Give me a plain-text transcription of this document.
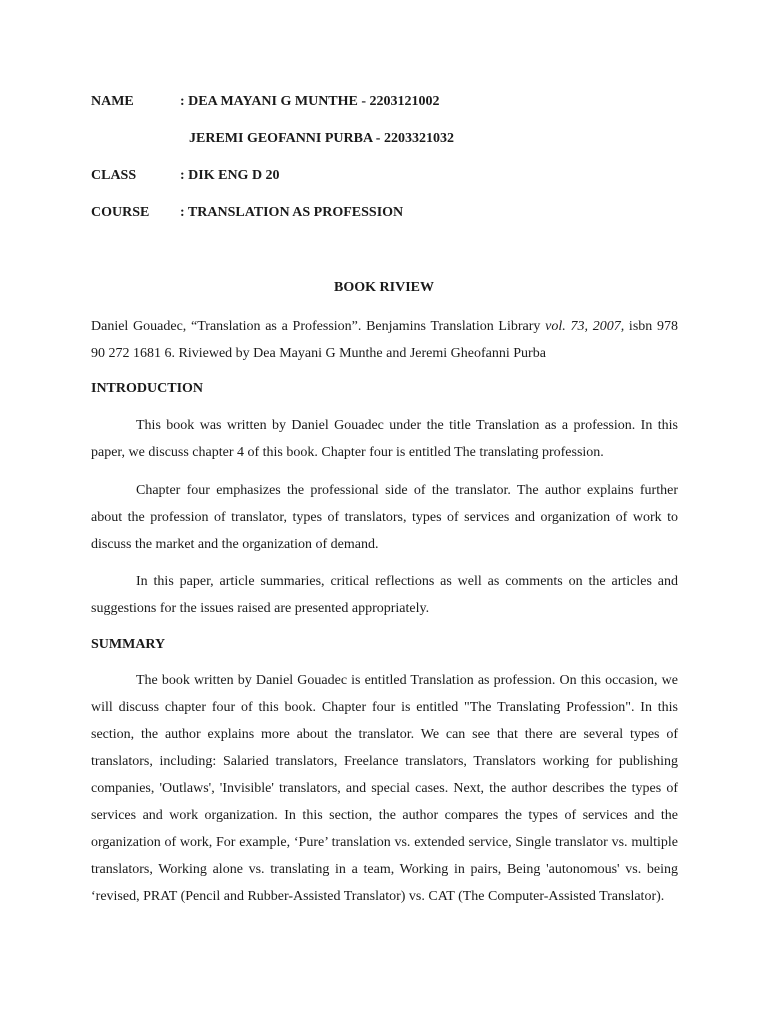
NAME	: DEA MAYANI G MUNTHE - 2203121002
JEREMI GEOFANNI PURBA - 2203321032
CLASS	: DIK ENG D 20
COURSE : TRANSLATION AS PROFESSION
BOOK RIVIEW

Daniel Gouadec, “Translation as a Profession”. Benjamins Translation Library vol. 73, 2007, isbn 978 90 272 1681 6. Riviewed by Dea Mayani G Munthe and Jeremi Gheofanni Purba

INTRODUCTION

This book was written by Daniel Gouadec under the title Translation as a profession. In this paper, we discuss chapter 4 of this book. Chapter four is entitled The translating profession.

Chapter four emphasizes the professional side of the translator. The author explains further about the profession of translator, types of translators, types of services and organization of work to discuss the market and the organization of demand.

In this paper, article summaries, critical reflections as well as comments on the articles and suggestions for the issues raised are presented appropriately.

SUMMARY

The book written by Daniel Gouadec is entitled Translation as profession. On this occasion, we will discuss chapter four of this book. Chapter four is entitled "The Translating Profession". In this section, the author explains more about the translator. We can see that there are several types of translators, including: Salaried translators, Freelance translators, Translators working for publishing companies, 'Outlaws', 'Invisible' translators, and special cases. Next, the author describes the types of services and work organization. In this section, the author compares the types of services and the organization of work, For example, ‘Pure’ translation vs. extended service, Single translator vs. multiple translators, Working alone vs. translating in a team, Working in pairs, Being 'autonomous' vs. being ‘revised, PRAT (Pencil and Rubber-Assisted Translator) vs. CAT (The Computer-Assisted Translator).
